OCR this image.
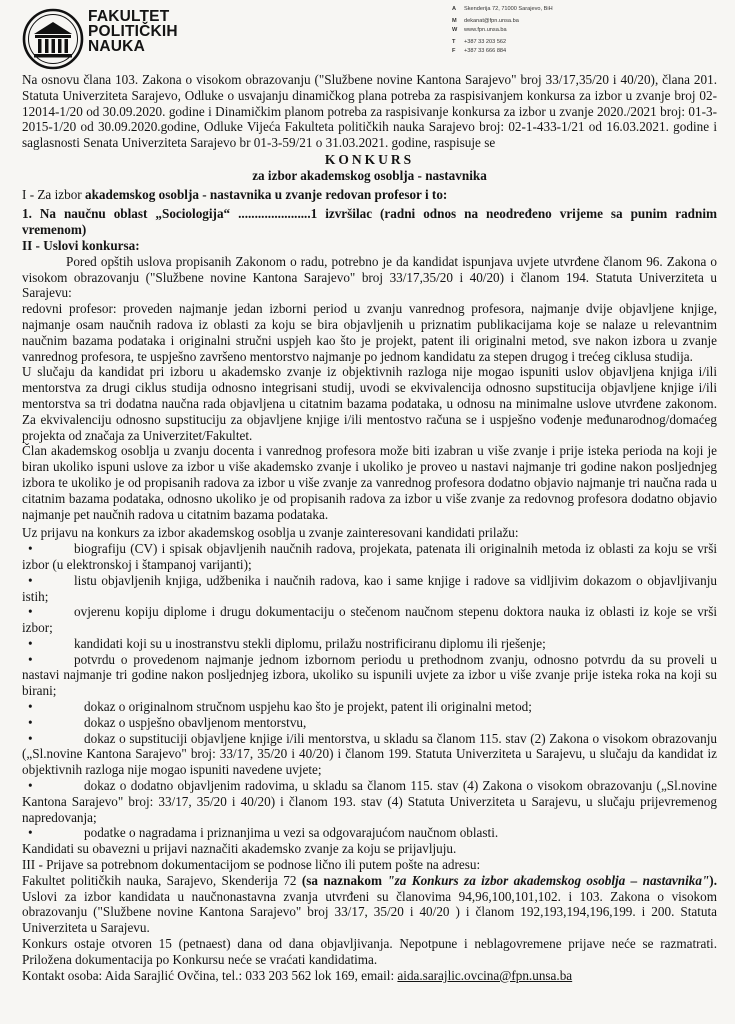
FAKULTET
POLITIČKIH
NAUKA
A Skenderija 72, 71000 Sarajevo, BiH
M dekanat@fpn.unsa.ba
W www.fpn.unsa.ba
T +387 33 203 562
F +387 33 666 884

Na osnovu člana 103. Zakona o visokom obrazovanju ("Službene novine Kantona Sarajevo" broj 33/17,35/20 i 40/20), člana 201. Statuta Univerziteta Sarajevo, Odluke o usvajanju dinamičkog plana potreba za raspisivanjem konkursa za izbor u zvanje broj 02-12014-1/20 od 30.09.2020. godine i Dinamičkim planom potreba za raspisivanje konkursa za izbor u zvanje 2020./2021 broj: 01-3-2015-1/20 od 30.09.2020.godine, Odluke Vijeća Fakulteta političkih nauka Sarajevo broj: 02-1-433-1/21 od 16.03.2021. godine i saglasnosti Senata Univerziteta Sarajevo br 01-3-59/21 o 31.03.2021. godine, raspisuje se

KONKURS
za izbor akademskog osoblja - nastavnika

I - Za izbor akademskog osoblja - nastavnika u zvanje redovan profesor i to:

1. Na naučnu oblast „Sociologija“ ......................1 izvršilac (radni odnos na neodređeno vrijeme sa punim radnim vremenom)

II - Uslovi konkursa:

Pored opštih uslova propisanih Zakonom o radu, potrebno je da kandidat ispunjava uvjete utvrđene članom 96. Zakona o visokom obrazovanju ("Službene novine Kantona Sarajevo" broj 33/17,35/20 i 40/20) i članom 194. Statuta Univerziteta u Sarajevu:

redovni profesor: proveden najmanje jedan izborni period u zvanju vanrednog profesora, najmanje dvije objavljene knjige, najmanje osam naučnih radova iz oblasti za koju se bira objavljenih u priznatim publikacijama koje se nalaze u relevantnim naučnim bazama podataka i originalni stručni uspjeh kao što je projekt, patent ili originalni metod, sve nakon izbora u zvanje vanrednog profesora, te uspješno završeno mentorstvo najmanje po jednom kandidatu za stepen drugog i trećeg ciklusa studija.

U slučaju da kandidat pri izboru u akademsko zvanje iz objektivnih razloga nije mogao ispuniti uslov objavljena knjiga i/ili mentorstva za drugi ciklus studija odnosno integrisani studij, uvodi se ekvivalencija odnosno supstitucija objavljene knjige i/ili mentorstva sa tri dodatna naučna rada objavljena u citatnim bazama podataka, u odnosu na minimalne uslove utvrđene zakonom. Za ekvivalenciju odnosno supstituciju za objavljene knjige i/ili mentostvo računa se i uspješno vođenje međunarodnog/domaćeg projekta od značaja za Univerzitet/Fakultet.

Član akademskog osoblja u zvanju docenta i vanrednog profesora može biti izabran u više zvanje i prije isteka perioda na koji je biran ukoliko ispuni uslove za izbor u više akademsko zvanje i ukoliko je proveo u nastavi najmanje tri godine nakon posljednjeg izbora te ukoliko je od propisanih radova za izbor u više zvanje za vanrednog profesora dodatno objavio najmanje tri naučna rada u citatnim bazama podataka, odnosno ukoliko je od propisanih radova za izbor u više zvanje za redovnog profesora dodatno objavio najmanje pet naučnih radova u citatnim bazama podataka.

Uz prijavu na konkurs za izbor akademskog osoblja u zvanje zainteresovani kandidati prilažu:

•biografiju (CV) i spisak objavljenih naučnih radova, projekata, patenata ili originalnih metoda iz oblasti za koju se vrši izbor (u elektronskoj i štampanoj varijanti);
•listu objavljenih knjiga, udžbenika i naučnih radova, kao i same knjige i radove sa vidljivim dokazom o objavljivanju istih;
•ovjerenu kopiju diplome i drugu dokumentaciju o stečenom naučnom stepenu doktora nauka iz oblasti iz koje se vrši izbor;
•kandidati koji su u inostranstvu stekli diplomu, prilažu nostrificiranu diplomu ili rješenje;
•potvrdu o provedenom najmanje jednom izbornom periodu u prethodnom zvanju, odnosno potvrdu da su proveli u nastavi najmanje tri godine nakon posljednjeg izbora, ukoliko su ispunili uvjete za izbor u više zvanje prije isteka roka na koji su birani;
•dokaz o originalnom stručnom uspjehu kao što je projekt, patent ili originalni metod;
•dokaz o uspješno obavljenom mentorstvu,
•dokaz o supstituciji objavljene knjige i/ili mentorstva, u skladu sa članom 115. stav (2) Zakona o visokom obrazovanju („Sl.novine Kantona Sarajevo" broj: 33/17, 35/20 i 40/20) i članom 199. Statuta Univerziteta u Sarajevu, u slučaju da kandidat iz objektivnih razloga nije mogao ispuniti navedene uvjete;
•dokaz o dodatno objavljenim radovima, u skladu sa članom 115. stav (4) Zakona o visokom obrazovanju („Sl.novine Kantona Sarajevo" broj: 33/17, 35/20 i 40/20) i članom 193. stav (4) Statuta Univerziteta u Sarajevu, u slučaju prijevremenog napredovanja;
•podatke o nagradama i priznanjima u vezi sa odgovarajućom naučnom oblasti.

Kandidati su obavezni u prijavi naznačiti akademsko zvanje za koju se prijavljuju.

III - Prijave sa potrebnom dokumentacijom se podnose lično ili putem pošte na adresu:

Fakultet političkih nauka, Sarajevo, Skenderija 72 (sa naznakom "za Konkurs za izbor akademskog osoblja – nastavnika"). Uslovi za izbor kandidata u naučnonastavna zvanja utvrđeni su članovima 94,96,100,101,102. i 103. Zakona o visokom obrazovanju ("Službene novine Kantona Sarajevo" broj 33/17, 35/20 i 40/20 ) i članom 192,193,194,196,199. i 200. Statuta Univerziteta u Sarajevu.

Konkurs ostaje otvoren 15 (petnaest) dana od dana objavljivanja. Nepotpune i neblagovremene prijave neće se razmatrati. Priložena dokumentacija po Konkursu neće se vraćati kandidatima.

Kontakt osoba: Aida Sarajlić Ovčina, tel.: 033 203 562 lok 169, email: aida.sarajlic.ovcina@fpn.unsa.ba
